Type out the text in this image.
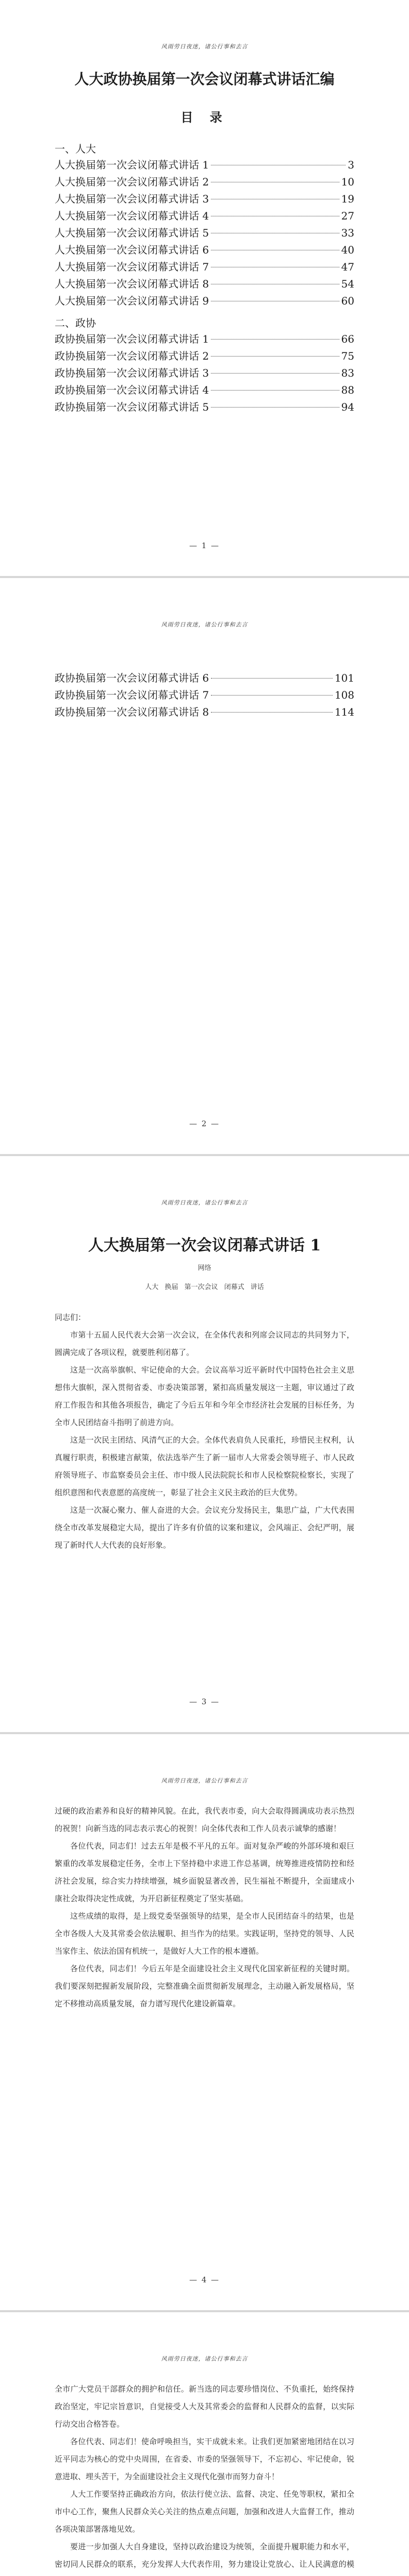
风雨劳日夜迷，诸公行事和去言
人大政协换届第一次会议闭幕式讲话汇编
目 录
一、人大
人大换届第一次会议闭幕式讲话 1	3
人大换届第一次会议闭幕式讲话 2	10
人大换届第一次会议闭幕式讲话 3	19
人大换届第一次会议闭幕式讲话 4	27
人大换届第一次会议闭幕式讲话 5	33
人大换届第一次会议闭幕式讲话 6	40
人大换届第一次会议闭幕式讲话 7	47
人大换届第一次会议闭幕式讲话 8	54
人大换届第一次会议闭幕式讲话 9	60
二、政协
政协换届第一次会议闭幕式讲话 1	66
政协换届第一次会议闭幕式讲话 2	75
政协换届第一次会议闭幕式讲话 3	83
政协换届第一次会议闭幕式讲话 4	88
政协换届第一次会议闭幕式讲话 5	94
— 1 —
风雨劳日夜迷，诸公行事和去言
政协换届第一次会议闭幕式讲话 6	101
政协换届第一次会议闭幕式讲话 7	108
政协换届第一次会议闭幕式讲话 8	114
— 2 —
风雨劳日夜迷，诸公行事和去言
人大换届第一次会议闭幕式讲话 1
网络
人大 换届 第一次会议 闭幕式 讲话

同志们：

市第十五届人民代表大会第一次会议，在全体代表和列席会议同志的共同努力下，圆满完成了各项议程，就要胜利闭幕了。

这是一次高举旗帜、牢记使命的大会。会议高举习近平新时代中国特色社会主义思想伟大旗帜，深入贯彻省委、市委决策部署，紧扣高质量发展这一主题，审议通过了政府工作报告和其他各项报告，确定了今后五年和今年全市经济社会发展的目标任务，为全市人民团结奋斗指明了前进方向。

这是一次民主团结、风清气正的大会。全体代表肩负人民重托，珍惜民主权利，认真履行职责，积极建言献策，依法选举产生了新一届市人大常委会领导班子、市人民政府领导班子、市监察委员会主任、市中级人民法院院长和市人民检察院检察长，实现了组织意图和代表意愿的高度统一，彰显了社会主义民主政治的巨大优势。

这是一次凝心聚力、催人奋进的大会。会议充分发扬民主，集思广益，广大代表围绕全市改革发展稳定大局，提出了许多有价值的议案和建议，会风端正、会纪严明，展现了新时代人大代表的良好形象。

— 3 —
风雨劳日夜迷，诸公行事和去言

过硬的政治素养和良好的精神风貌。在此，我代表市委，向大会取得圆满成功表示热烈的祝贺！向新当选的同志表示衷心的祝贺！向全体代表和工作人员表示诚挚的感谢！

各位代表，同志们！过去五年是极不平凡的五年。面对复杂严峻的外部环境和艰巨繁重的改革发展稳定任务，全市上下坚持稳中求进工作总基调，统筹推进疫情防控和经济社会发展，综合实力持续增强，城乡面貌显著改善，民生福祉不断提升，全面建成小康社会取得决定性成就，为开启新征程奠定了坚实基础。

这些成绩的取得，是上级党委坚强领导的结果，是全市人民团结奋斗的结果，也是全市各级人大及其常委会依法履职、担当作为的结果。实践证明，坚持党的领导、人民当家作主、依法治国有机统一，是做好人大工作的根本遵循。

各位代表，同志们！今后五年是全面建设社会主义现代化国家新征程的关键时期。我们要深刻把握新发展阶段，完整准确全面贯彻新发展理念，主动融入新发展格局，坚定不移推动高质量发展，奋力谱写现代化建设新篇章。

— 4 —
风雨劳日夜迷，诸公行事和去言

全市广大党员干部群众的拥护和信任。新当选的同志要珍惜岗位、不负重托，始终保持政治坚定，牢记宗旨意识，自觉接受人大及其常委会的监督和人民群众的监督，以实际行动交出合格答卷。

各位代表、同志们！使命呼唤担当，实干成就未来。让我们更加紧密地团结在以习近平同志为核心的党中央周围，在省委、市委的坚强领导下，不忘初心、牢记使命，锐意进取、埋头苦干，为全面建设社会主义现代化强市而努力奋斗！

人大工作要坚持正确政治方向，依法行使立法、监督、决定、任免等职权，紧扣全市中心工作，聚焦人民群众关心关注的热点难点问题，加强和改进人大监督工作，推动各项决策部署落地见效。

要进一步加强人大自身建设，坚持以政治建设为统领，全面提升履职能力和水平，密切同人民群众的联系，充分发挥人大代表作用，努力建设让党放心、让人民满意的模
